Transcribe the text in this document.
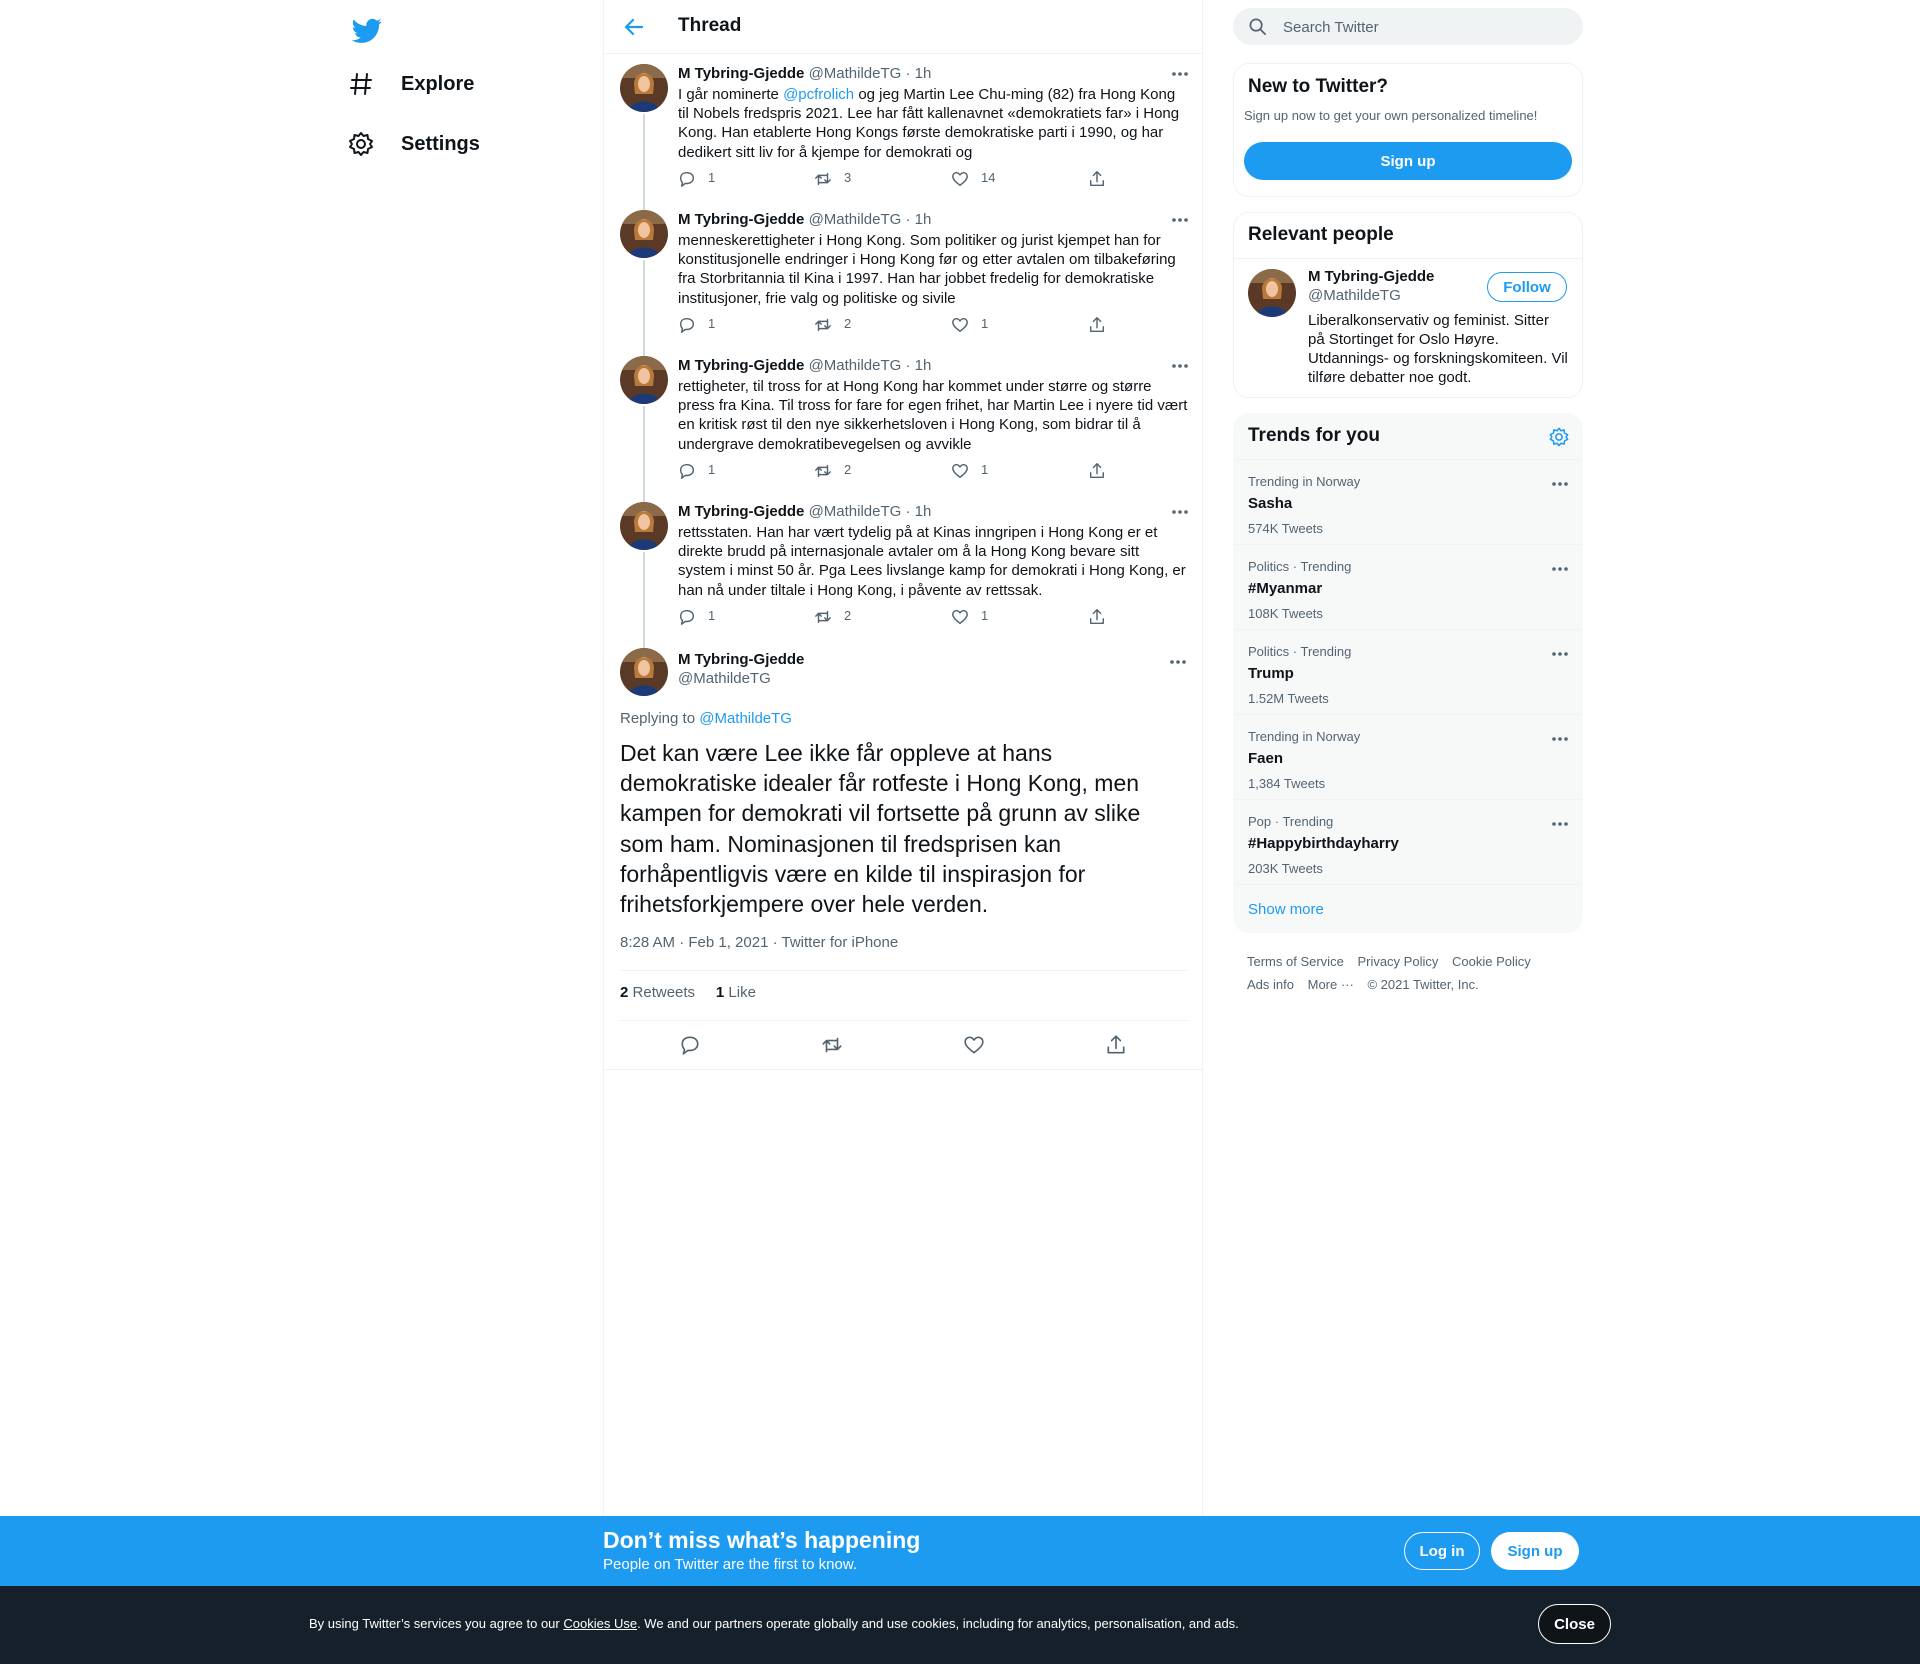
Explore
Settings
Thread
M Tybring-Gjedde @MathildeTG · 1h
I går nominerte @pcfrolich og jeg Martin Lee Chu-ming (82) fra Hong Kong til Nobels fredspris 2021. Lee har fått kallenavnet «demokratiets far» i Hong Kong. Han etablerte Hong Kongs første demokratiske parti i 1990, og har dedikert sitt liv for å kjempe for demokrati og
1	3	14
M Tybring-Gjedde @MathildeTG · 1h
menneskerettigheter i Hong Kong. Som politiker og jurist kjempet han for konstitusjonelle endringer i Hong Kong før og etter avtalen om tilbakeføring fra Storbritannia til Kina i 1997. Han har jobbet fredelig for demokratiske institusjoner, frie valg og politiske og sivile
1	2	1
M Tybring-Gjedde @MathildeTG · 1h
rettigheter, til tross for at Hong Kong har kommet under større og større press fra Kina. Til tross for fare for egen frihet, har Martin Lee i nyere tid vært en kritisk røst til den nye sikkerhetsloven i Hong Kong, som bidrar til å undergrave demokratibevegelsen og avvikle
1	2	1
M Tybring-Gjedde @MathildeTG · 1h
rettsstaten. Han har vært tydelig på at Kinas inngripen i Hong Kong er et direkte brudd på internasjonale avtaler om å la Hong Kong bevare sitt system i minst 50 år. Pga Lees livslange kamp for demokrati i Hong Kong, er han nå under tiltale i Hong Kong, i påvente av rettssak.
1	2	1
M Tybring-Gjedde
@MathildeTG
Replying to @MathildeTG
Det kan være Lee ikke får oppleve at hans demokratiske idealer får rotfeste i Hong Kong, men kampen for demokrati vil fortsette på grunn av slike som ham. Nominasjonen til fredsprisen kan forhåpentligvis være en kilde til inspirasjon for frihetsforkjempere over hele verden.
8:28 AM · Feb 1, 2021 · Twitter for iPhone
2 Retweets 1 Like
Search Twitter
New to Twitter?
Sign up now to get your own personalized timeline!
Sign up
Relevant people
M Tybring-Gjedde
@MathildeTG	Follow
Liberalkonservativ og feminist. Sitter på Stortinget for Oslo Høyre. Utdannings- og forskningskomiteen. Vil tilføre debatter noe godt.
Trends for you
Trending in Norway
Sasha
574K Tweets
Politics · Trending
#Myanmar
108K Tweets
Politics · Trending
Trump
1.52M Tweets
Trending in Norway
Faen
1,384 Tweets
Pop · Trending
#Happybirthdayharry
203K Tweets
Show more
Terms of Service Privacy Policy Cookie Policy
Ads info More ··· © 2021 Twitter, Inc.
Don’t miss what’s happening
People on Twitter are the first to know.
Log in	Sign up
By using Twitter’s services you agree to our Cookies Use. We and our partners operate globally and use cookies, including for analytics, personalisation, and ads.	Close
